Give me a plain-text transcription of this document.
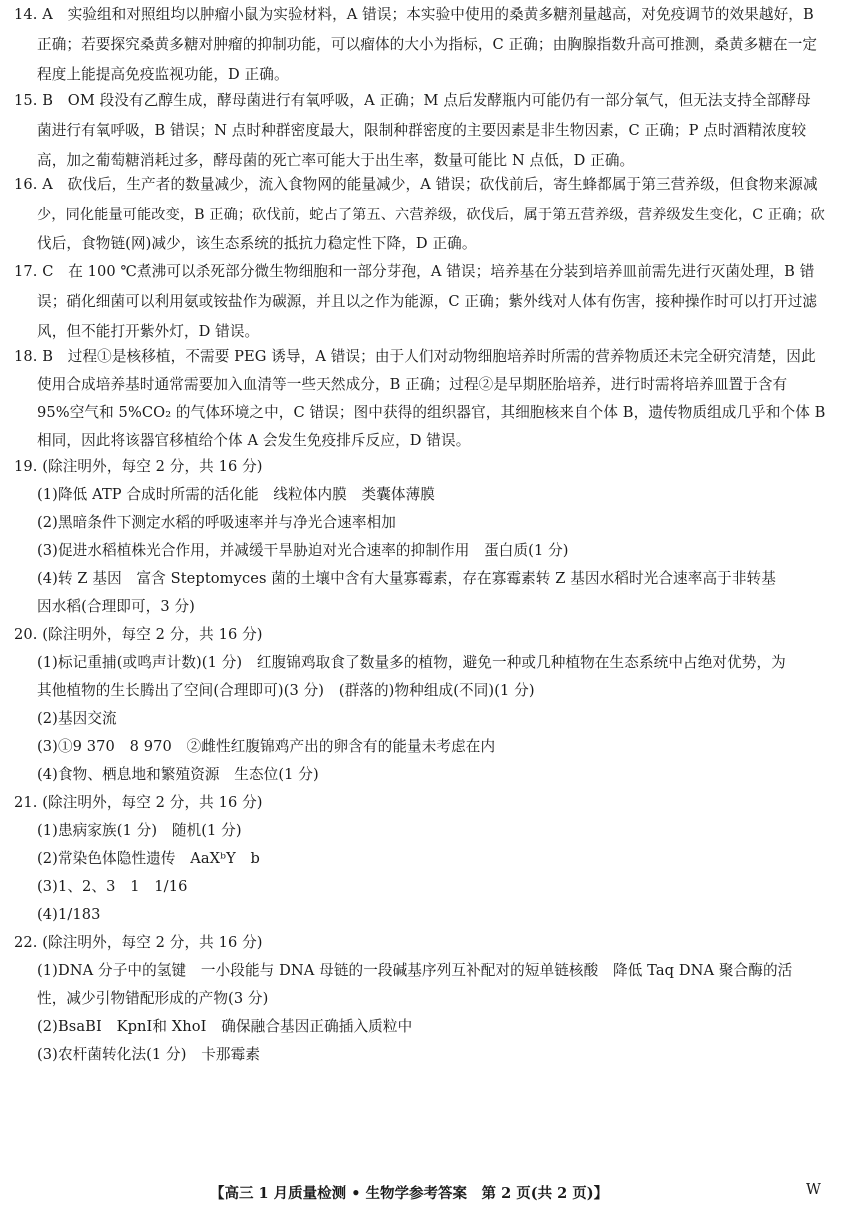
14. A　实验组和对照组均以肿瘤小鼠为实验材料，A 错误；本实验中使用的桑黄多糖剂量越高，对免疫调节的效果越好，B
正确；若要探究桑黄多糖对肿瘤的抑制功能，可以瘤体的大小为指标，C 正确；由胸腺指数升高可推测，桑黄多糖在一定
程度上能提高免疫监视功能，D 正确。
15. B　OM 段没有乙醇生成，酵母菌进行有氧呼吸，A 正确；M 点后发酵瓶内可能仍有一部分氧气，但无法支持全部酵母
菌进行有氧呼吸，B 错误；N 点时种群密度最大，限制种群密度的主要因素是非生物因素，C 正确；P 点时酒精浓度较
高，加之葡萄糖消耗过多，酵母菌的死亡率可能大于出生率，数量可能比 N 点低，D 正确。
16. A　砍伐后，生产者的数量减少，流入食物网的能量减少，A 错误；砍伐前后，寄生蜂都属于第三营养级，但食物来源减
少，同化能量可能改变，B 正确；砍伐前，蛇占了第五、六营养级，砍伐后，属于第五营养级，营养级发生变化，C 正确；砍
伐后，食物链(网)减少，该生态系统的抵抗力稳定性下降，D 正确。
17. C　在 100 ℃煮沸可以杀死部分微生物细胞和一部分芽孢，A 错误；培养基在分装到培养皿前需先进行灭菌处理，B 错
误；硝化细菌可以利用氨或铵盐作为碳源，并且以之作为能源，C 正确；紫外线对人体有伤害，接种操作时可以打开过滤
风，但不能打开紫外灯，D 错误。
18. B　过程①是核移植，不需要 PEG 诱导，A 错误；由于人们对动物细胞培养时所需的营养物质还未完全研究清楚，因此
使用合成培养基时通常需要加入血清等一些天然成分，B 正确；过程②是早期胚胎培养，进行时需将培养皿置于含有
95%空气和 5%CO₂ 的气体环境之中，C 错误；图中获得的组织器官，其细胞核来自个体 B，遗传物质组成几乎和个体 B
相同，因此将该器官移植给个体 A 会发生免疫排斥反应，D 错误。
19. (除注明外，每空 2 分，共 16 分)
(1)降低 ATP 合成时所需的活化能　线粒体内膜　类囊体薄膜
(2)黑暗条件下测定水稻的呼吸速率并与净光合速率相加
(3)促进水稻植株光合作用，并减缓干旱胁迫对光合速率的抑制作用　蛋白质(1 分)
(4)转 Z 基因　富含 Steptomyces 菌的土壤中含有大量寡霉素，存在寡霉素转 Z 基因水稻时光合速率高于非转基
因水稻(合理即可，3 分)
20. (除注明外，每空 2 分，共 16 分)
(1)标记重捕(或鸣声计数)(1 分)　红腹锦鸡取食了数量多的植物，避免一种或几种植物在生态系统中占绝对优势，为
其他植物的生长腾出了空间(合理即可)(3 分)　(群落的)物种组成(不同)(1 分)
(2)基因交流
(3)①9 370　8 970　②雌性红腹锦鸡产出的卵含有的能量未考虑在内
(4)食物、栖息地和繁殖资源　生态位(1 分)
21. (除注明外，每空 2 分，共 16 分)
(1)患病家族(1 分)　随机(1 分)
(2)常染色体隐性遗传　AaXᵇY　b
(3)1、2、3　1　1/16
(4)1/183
22. (除注明外，每空 2 分，共 16 分)
(1)DNA 分子中的氢键　一小段能与 DNA 母链的一段碱基序列互补配对的短单链核酸　降低 Taq DNA 聚合酶的活
性，减少引物错配形成的产物(3 分)
(2)BsaBⅠ　KpnⅠ和 XhoⅠ　确保融合基因正确插入质粒中
(3)农杆菌转化法(1 分)　卡那霉素
【高三 1 月质量检测 • 生物学参考答案　第 2 页(共 2 页)】	W
